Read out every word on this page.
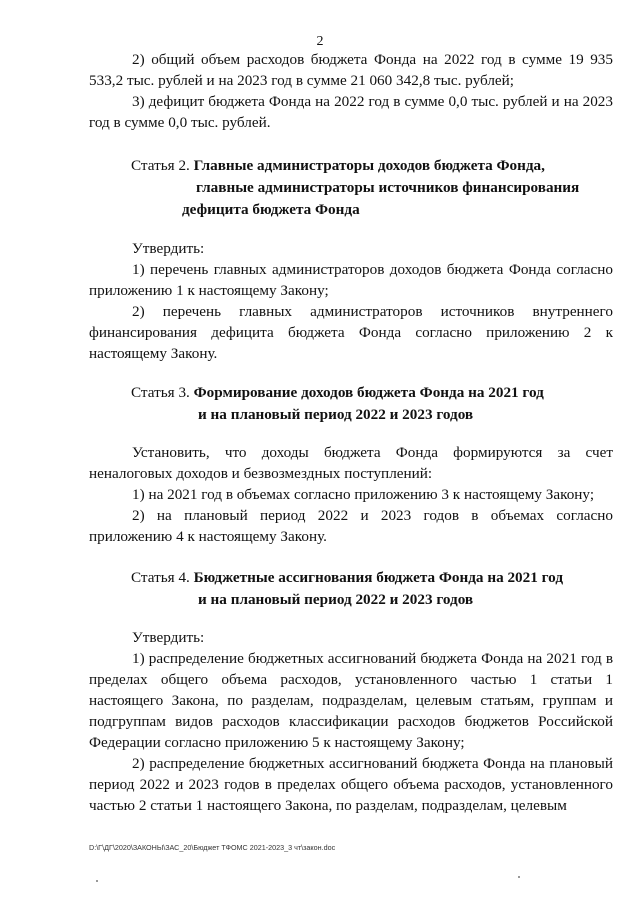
2

2) общий объем расходов бюджета Фонда на 2022 год в сумме 19 935 533,2 тыс. рублей и на 2023 год в сумме 21 060 342,8 тыс. рублей;

3) дефицит бюджета Фонда на 2022 год в сумме 0,0 тыс. рублей и на 2023 год в сумме 0,0 тыс. рублей.

Статья 2. Главные администраторы доходов бюджета Фонда,
главные администраторы источников финансирования
дефицита бюджета Фонда

Утвердить:

1) перечень главных администраторов доходов бюджета Фонда согласно приложению 1 к настоящему Закону;

2) перечень главных администраторов источников внутреннего финансирования дефицита бюджета Фонда согласно приложению 2 к настоящему Закону.

Статья 3. Формирование доходов бюджета Фонда на 2021 год
и на плановый период 2022 и 2023 годов

Установить, что доходы бюджета Фонда формируются за счет неналоговых доходов и безвозмездных поступлений:

1) на 2021 год в объемах согласно приложению 3 к настоящему Закону;

2) на плановый период 2022 и 2023 годов в объемах согласно приложению 4 к настоящему Закону.

Статья 4. Бюджетные ассигнования бюджета Фонда на 2021 год
и на плановый период 2022 и 2023 годов

Утвердить:

1) распределение бюджетных ассигнований бюджета Фонда на 2021 год в пределах общего объема расходов, установленного частью 1 статьи 1 настоящего Закона, по разделам, подразделам, целевым статьям, группам и подгруппам видов расходов классификации расходов бюджетов Российской Федерации согласно приложению 5 к настоящему Закону;

2) распределение бюджетных ассигнований бюджета Фонда на плановый период 2022 и 2023 годов в пределах общего объема расходов, установленного частью 2 статьи 1 настоящего Закона, по разделам, подразделам, целевым

D:\Г\ДГ\2020\ЗАКОНЫ\ЗАС_20\Бюджет ТФОМС 2021-2023_3 чт\закон.doc
